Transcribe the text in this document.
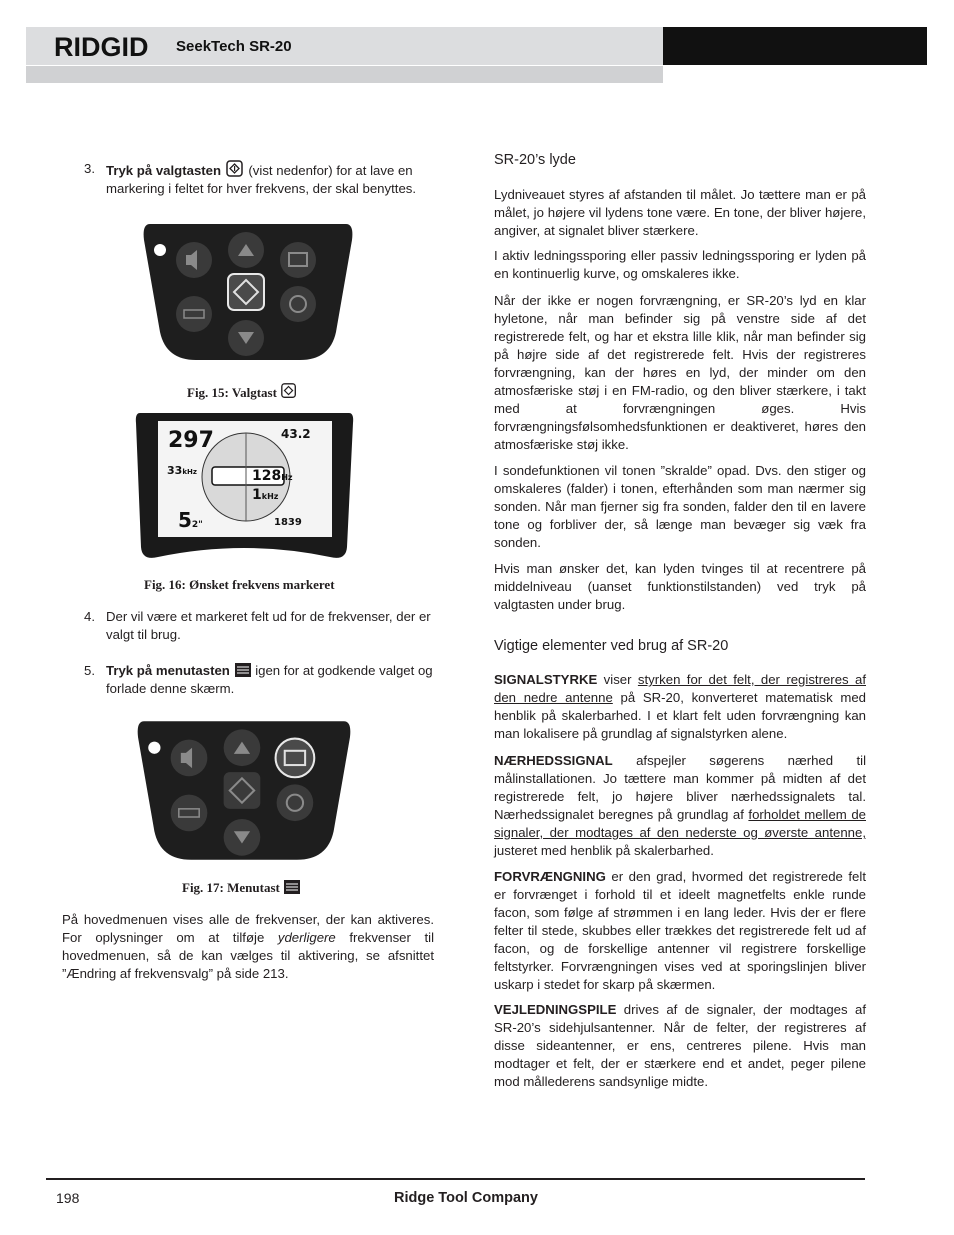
RIDGID SeekTech SR-20
3. Tryk på valgtasten  (vist nedenfor) for at lave en markering i feltet for hver frekvens, der skal benyttes.
Fig. 15: Valgtast
297	43.2
33kHz	128Hz
1kHz
52"	1839
Fig. 16: Ønsket frekvens markeret
4. Der vil være et markeret felt ud for de frekvenser, der er valgt til brug.
5. Tryk på menutasten  igen for at godkende valget og forlade denne skærm.
Fig. 17: Menutast
På hovedmenuen vises alle de frekvenser, der kan aktiveres. For oplysninger om at tilføje yderligere frekvenser til hovedmenuen, så de kan vælges til aktivering, se afsnittet ”Ændring af frekvensvalg” på side 213.
SR-20’s lyde
Lydniveauet styres af afstanden til målet. Jo tættere man er på målet, jo højere vil lydens tone være. En tone, der bliver højere, angiver, at signalet bliver stærkere.
I aktiv ledningssporing eller passiv ledningssporing er lyden på en kontinuerlig kurve, og omskaleres ikke.
Når der ikke er nogen forvrængning, er SR-20’s lyd en klar hyletone, når man befinder sig på venstre side af det registrerede felt, og har et ekstra lille klik, når man befinder sig på højre side af det registrerede felt. Hvis der registreres forvrængning, kan der høres en lyd, der minder om den atmosfæriske støj i en FM-radio, og den bliver stærkere, i takt med at forvrængningen øges. Hvis forvrængningsfølsomhedsfunktionen er deaktiveret, høres den atmosfæriske støj ikke.
I sondefunktionen vil tonen ”skralde” opad. Dvs. den stiger og omskaleres (falder) i tonen, efterhånden som man nærmer sig sonden. Når man fjerner sig fra sonden, falder den til en lavere tone og forbliver der, så længe man bevæger sig væk fra sonden.
Hvis man ønsker det, kan lyden tvinges til at recentrere på middelniveau (uanset funktionstilstanden) ved tryk på valgtasten under brug.
Vigtige elementer ved brug af SR-20
SIGNALSTYRKE viser styrken for det felt, der registreres af den nedre antenne på SR-20, konverteret matematisk med henblik på skalerbarhed. I et klart felt uden forvrængning kan man lokalisere på grundlag af signalstyrken alene.
NÆRHEDSSIGNAL afspejler søgerens nærhed til målinstallationen. Jo tættere man kommer på midten af det registrerede felt, jo højere bliver nærhedssignalets tal. Nærhedssignalet beregnes på grundlag af forholdet mellem de signaler, der modtages af den nederste og øverste antenne, justeret med henblik på skalerbarhed.
FORVRÆNGNING er den grad, hvormed det registrerede felt er forvrænget i forhold til et ideelt magnetfelts enkle runde facon, som følge af strømmen i en lang leder. Hvis der er flere felter til stede, skubbes eller trækkes det registrerede felt ud af facon, og de forskellige antenner vil registrere forskellige feltstyrker. Forvrængningen vises ved at sporingslinjen bliver uskarp i stedet for skarp på skærmen.
VEJLEDNINGSPILE drives af de signaler, der modtages af SR-20’s sidehjulsantenner. Når de felter, der registreres af disse sideantenner, er ens, centreres pilene. Hvis man modtager et felt, der er stærkere end et andet, peger pilene mod mållederens sandsynlige midte.
198	Ridge Tool Company
